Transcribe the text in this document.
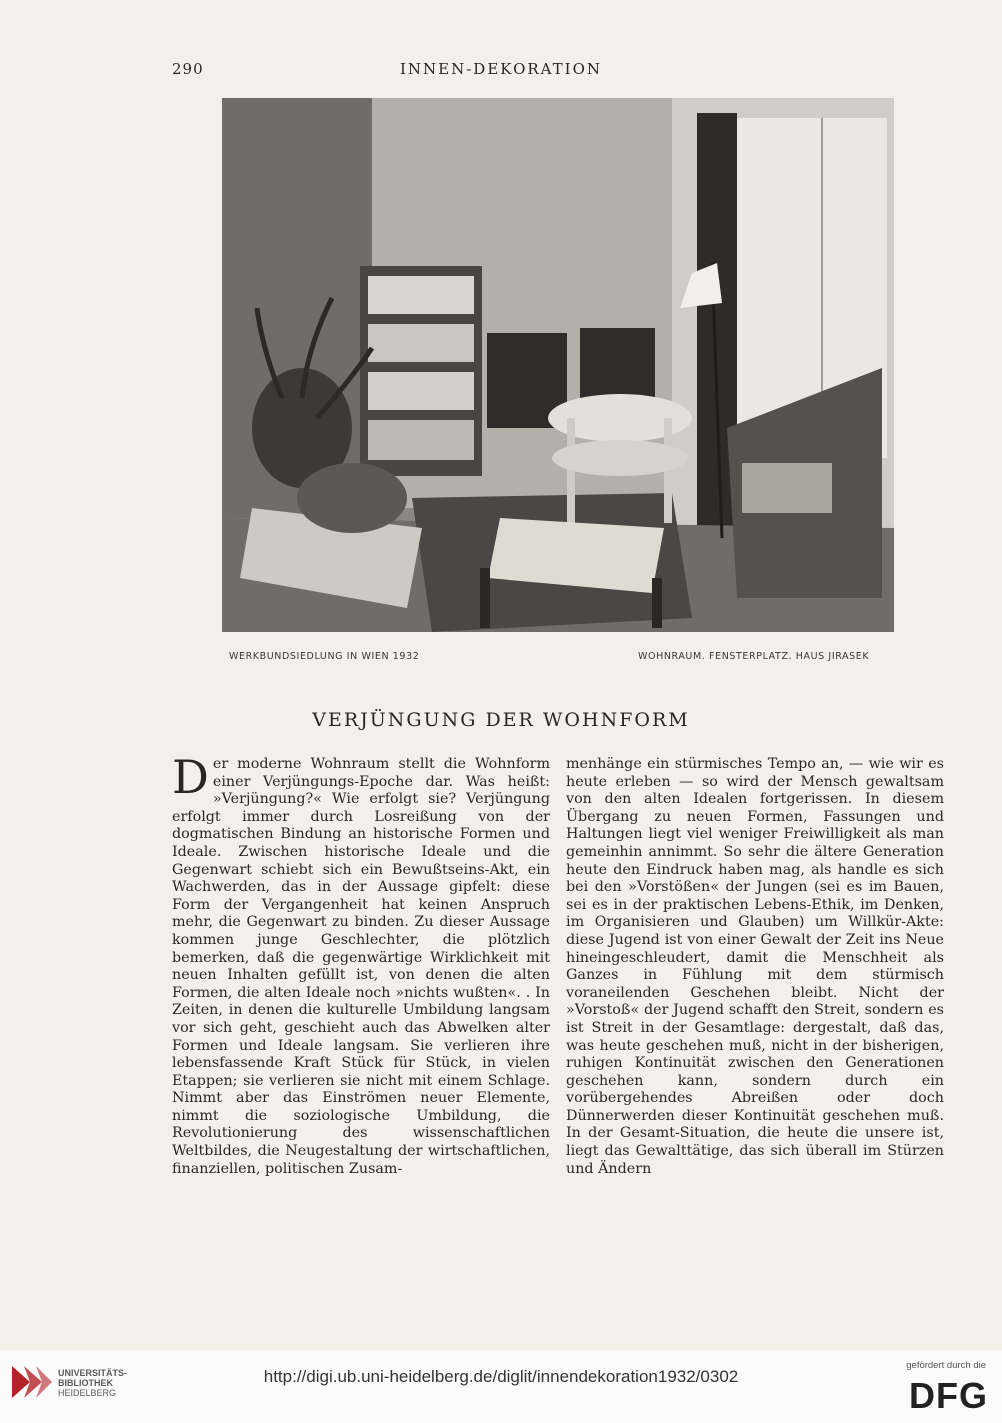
290	INNEN-DEKORATION
WERKBUNDSIEDLUNG IN WIEN 1932	WOHNRAUM. FENSTERPLATZ. HAUS JIRASEK
VERJÜNGUNG DER WOHNFORM
Der moderne Wohnraum stellt die Wohnform einer Verjüngungs-Epoche dar. Was heißt: »Verjüngung?« Wie erfolgt sie? Verjüngung erfolgt immer durch Losreißung von der dogmatischen Bindung an historische Formen und Ideale. Zwischen historische Ideale und die Gegenwart schiebt sich ein Bewußtseins-Akt, ein Wachwerden, das in der Aussage gipfelt: diese Form der Vergangenheit hat keinen Anspruch mehr, die Gegenwart zu binden. Zu dieser Aussage kommen junge Geschlechter, die plötzlich bemerken, daß die gegenwärtige Wirklichkeit mit neuen Inhalten gefüllt ist, von denen die alten Formen, die alten Ideale noch »nichts wußten«. . In Zeiten, in denen die kulturelle Umbildung langsam vor sich geht, geschieht auch das Abwelken alter Formen und Ideale langsam. Sie verlieren ihre lebensfassende Kraft Stück für Stück, in vielen Etappen; sie verlieren sie nicht mit einem Schlage. Nimmt aber das Einströmen neuer Elemente, nimmt die soziologische Umbildung, die Revolutionierung des wissenschaftlichen Weltbildes, die Neugestaltung der wirtschaftlichen, finanziellen, politischen Zusam-
menhänge ein stürmisches Tempo an, — wie wir es heute erleben — so wird der Mensch gewaltsam von den alten Idealen fortgerissen. In diesem Übergang zu neuen Formen, Fassungen und Haltungen liegt viel weniger Freiwilligkeit als man gemeinhin annimmt. So sehr die ältere Generation heute den Eindruck haben mag, als handle es sich bei den »Vorstößen« der Jungen (sei es im Bauen, sei es in der praktischen Lebens-Ethik, im Denken, im Organisieren und Glauben) um Willkür-Akte: diese Jugend ist von einer Gewalt der Zeit ins Neue hineingeschleudert, damit die Menschheit als Ganzes in Fühlung mit dem stürmisch voraneilenden Geschehen bleibt. Nicht der »Vorstoß« der Jugend schafft den Streit, sondern es ist Streit in der Gesamtlage: dergestalt, daß das, was heute geschehen muß, nicht in der bisherigen, ruhigen Kontinuität zwischen den Generationen geschehen kann, sondern durch ein vorübergehendes Abreißen oder doch Dünnerwerden dieser Kontinuität geschehen muß. In der Gesamt-Situation, die heute die unsere ist, liegt das Gewalttätige, das sich überall im Stürzen und Ändern
UNIVERSITÄTS-
BIBLIOTHEK
HEIDELBERG
http://digi.ub.uni-heidelberg.de/diglit/innendekoration1932/0302
gefördert durch die
DFG
